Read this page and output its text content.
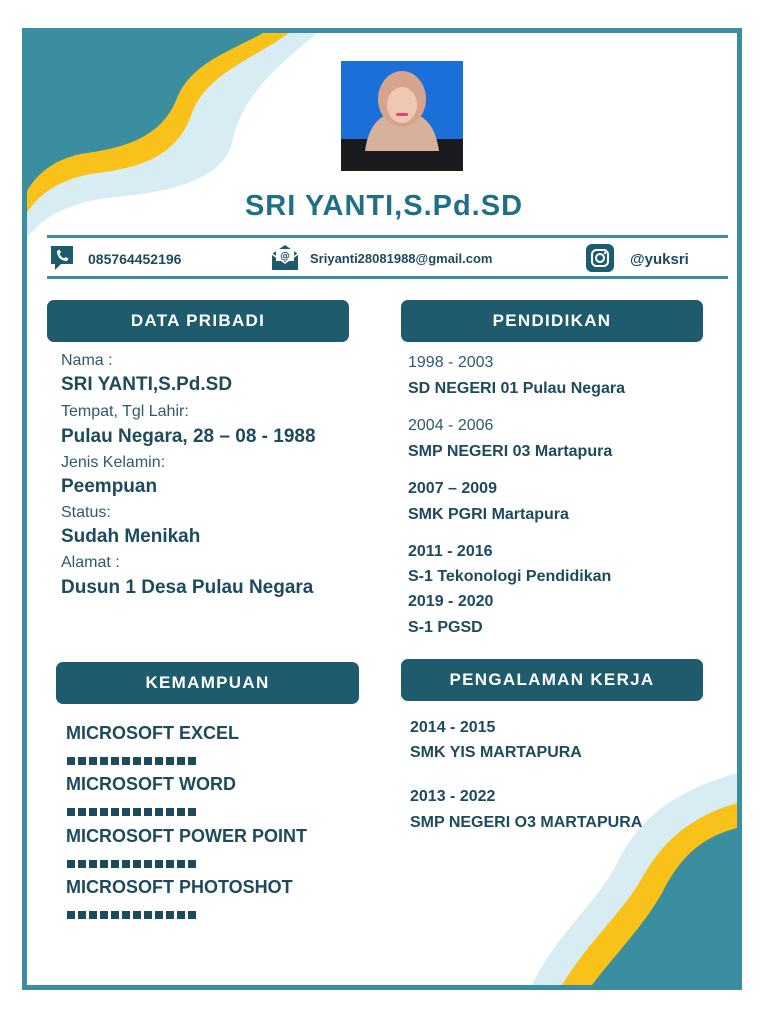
SRI YANTI,S.Pd.SD
085764452196	@ Sriyanti28081988@gmail.com	@yuksri
DATA PRIBADI	PENDIDIKAN
KEMAMPUAN	PENGALAMAN KERJA
Nama :
SRI YANTI,S.Pd.SD
Tempat, Tgl Lahir:
Pulau Negara, 28 – 08 - 1988
Jenis Kelamin:
Peempuan
Status:
Sudah Menikah
Alamat :
Dusun 1 Desa Pulau Negara
1998 - 2003
SD NEGERI 01 Pulau Negara
2004 - 2006
SMP NEGERI 03 Martapura
2007 – 2009
SMK PGRI Martapura
2011 - 2016
S-1 Tekonologi Pendidikan
2019 - 2020
S-1 PGSD
MICROSOFT EXCEL
MICROSOFT WORD
MICROSOFT POWER POINT
MICROSOFT PHOTOSHOT
2014 - 2015
SMK YIS MARTAPURA
2013 - 2022
SMP NEGERI O3 MARTAPURA
